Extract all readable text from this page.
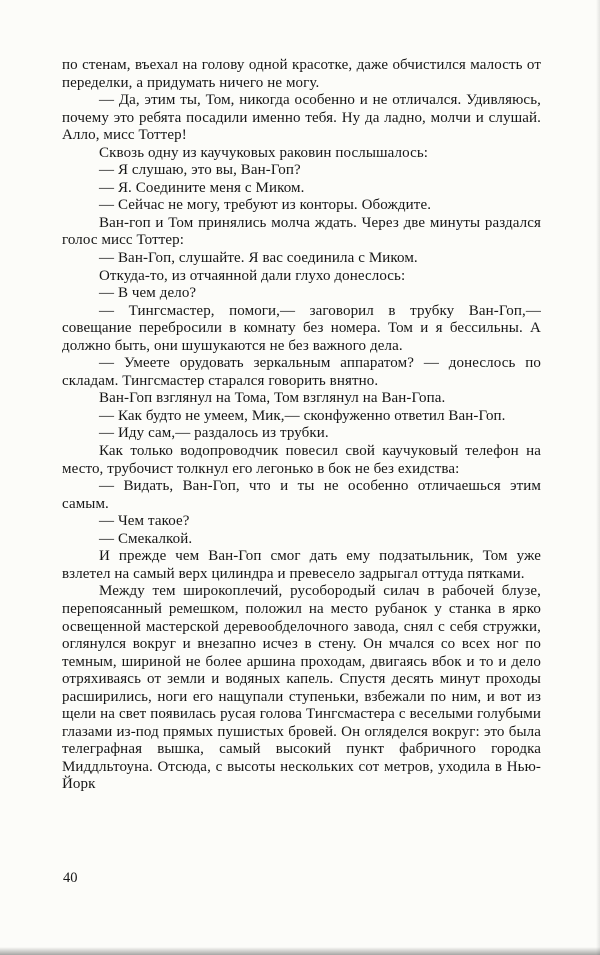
по стенам, въехал на голову одной красотке, даже обчистился малость от переделки, а придумать ничего не могу.

— Да, этим ты, Том, никогда особенно и не отличался. Удивляюсь, почему это ребята посадили именно тебя. Ну да ладно, молчи и слушай. Алло, мисс Тоттер!

Сквозь одну из каучуковых раковин послышалось:

— Я слушаю, это вы, Ван-Гоп?

— Я. Соедините меня с Миком.

— Сейчас не могу, требуют из конторы. Обождите.

Ван-гоп и Том принялись молча ждать. Через две минуты раздался голос мисс Тоттер:

— Ван-Гоп, слушайте. Я вас соединила с Миком.

Откуда-то, из отчаянной дали глухо донеслось:

— В чем дело?

— Тингсмастер, помоги,— заговорил в трубку Ван-Гоп,— совещание перебросили в комнату без номера. Том и я бессильны. А должно быть, они шушукаются не без важного дела.

— Умеете орудовать зеркальным аппаратом? — донеслось по складам. Тингсмастер старался говорить внятно.

Ван-Гоп взглянул на Тома, Том взглянул на Ван-Гопа.

— Как будто не умеем, Мик,— сконфуженно ответил Ван-Гоп.

— Иду сам,— раздалось из трубки.

Как только водопроводчик повесил свой каучуковый телефон на место, трубочист толкнул его легонько в бок не без ехидства:

— Видать, Ван-Гоп, что и ты не особенно отличаешься этим самым.

— Чем такое?

— Смекалкой.

И прежде чем Ван-Гоп смог дать ему подзатыльник, Том уже взлетел на самый верх цилиндра и превесело задрыгал оттуда пятками.

Между тем широкоплечий, русобородый силач в рабочей блузе, перепоясанный ремешком, положил на место рубанок у станка в ярко освещенной мастерской деревообделочного завода, снял с себя стружки, оглянулся вокруг и внезапно исчез в стену. Он мчался со всех ног по темным, шириной не более аршина проходам, двигаясь вбок и то и дело отряхиваясь от земли и водяных капель. Спустя десять минут проходы расширились, ноги его нащупали ступеньки, взбежали по ним, и вот из щели на свет появилась русая голова Тингсмастера с веселыми голубыми глазами из-под прямых пушистых бровей. Он огляделся вокруг: это была телеграфная вышка, самый высокий пункт фабричного городка Миддльтоуна. Отсюда, с высоты нескольких сот метров, уходила в Нью-Йорк

40
